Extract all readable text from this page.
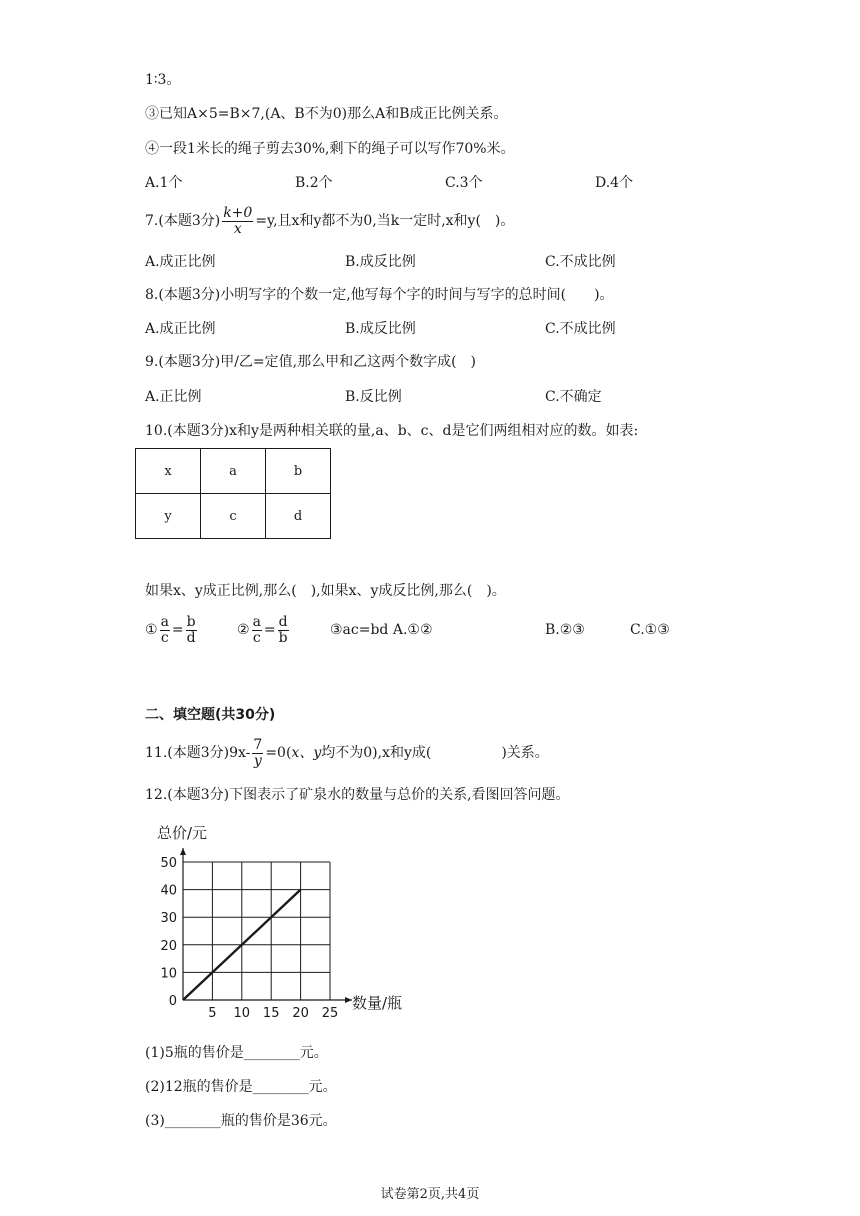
1∶3。
③已知A×5=B×7,(A、B不为0)那么A和B成正比例关系。
④一段1米长的绳子剪去30%,剩下的绳子可以写作70%米。
A.1个	B.2个	C.3个	D.4个
7.(本题3分) $\frac{k+0}{x} =y$,且x和y都不为0,当k一定时,x和y(　)。
A.成正比例	B.成反比例	C.不成比例
8.(本题3分)小明写字的个数一定,他写每个字的时间与写字的总时间(　　)。
A.成正比例	B.成反比例	C.不成比例
9.(本题3分)甲/乙=定值,那么甲和乙这两个数字成(　)
A.正比例	B.反比例	C.不确定
10.(本题3分)x和y是两种相关联的量,a、b、c、d是它们两组相对应的数。如表:
x	a	b
y	c	d
如果x、y成正比例,那么(　),如果x、y成反比例,那么(　)。
① $\frac{a}{c} = \frac{b}{d}$	② $\frac{a}{c} = \frac{d}{b}$	③ac=bd A.①②	B.②③	C.①③
二、填空题(共30分)
11.(本题3分)$9x- \frac{7}{y} =0(x$、y均不为0),x和y成(　　　　　)关系。
12.(本题3分)下图表示了矿泉水的数量与总价的关系,看图回答问题。
5 10 15 20 25
0
10
20
30
40
50
总价/元
数量/瓶
(1)5瓶的售价是________元。
(2)12瓶的售价是________元。
(3)________瓶的售价是36元。
试卷第2页,共4页
